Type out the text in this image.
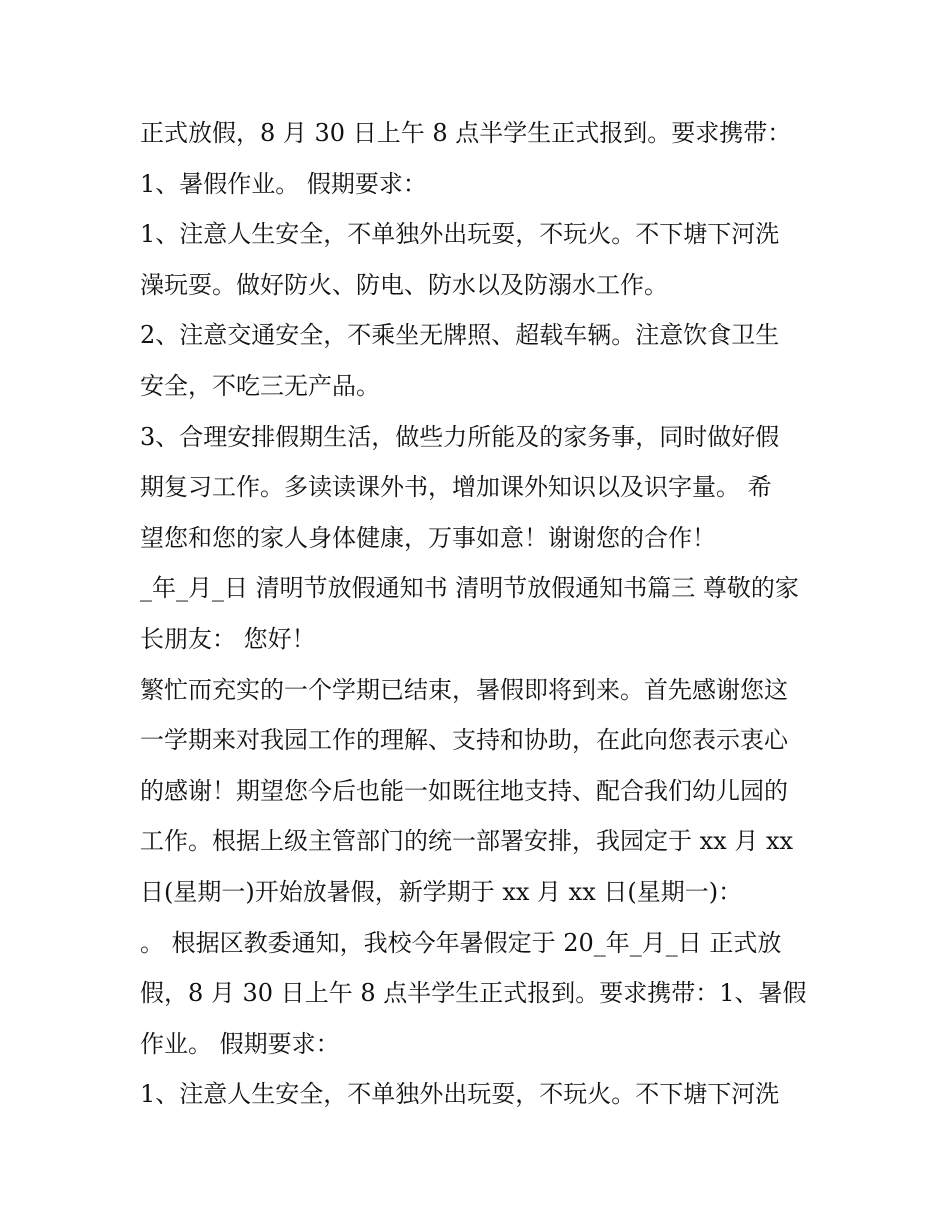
正式放假，8 月 30 日上午 8 点半学生正式报到。要求携带：
1、暑假作业。 假期要求：
1、注意人生安全，不单独外出玩耍，不玩火。不下塘下河洗
澡玩耍。做好防火、防电、防水以及防溺水工作。
2、注意交通安全，不乘坐无牌照、超载车辆。注意饮食卫生
安全，不吃三无产品。
3、合理安排假期生活，做些力所能及的家务事，同时做好假
期复习工作。多读读课外书，增加课外知识以及识字量。 希
望您和您的家人身体健康，万事如意！谢谢您的合作！
_年_月_日 清明节放假通知书 清明节放假通知书篇三 尊敬的家
长朋友： 您好！
繁忙而充实的一个学期已结束，暑假即将到来。首先感谢您这
一学期来对我园工作的理解、支持和协助，在此向您表示衷心
的感谢！期望您今后也能一如既往地支持、配合我们幼儿园的
工作。根据上级主管部门的统一部署安排，我园定于 xx 月 xx
日(星期一)开始放暑假，新学期于 xx 月 xx 日(星期一)：
。 根据区教委通知，我校今年暑假定于 20_年_月_日 正式放
假，8 月 30 日上午 8 点半学生正式报到。要求携带：1、暑假
作业。 假期要求：
1、注意人生安全，不单独外出玩耍，不玩火。不下塘下河洗
